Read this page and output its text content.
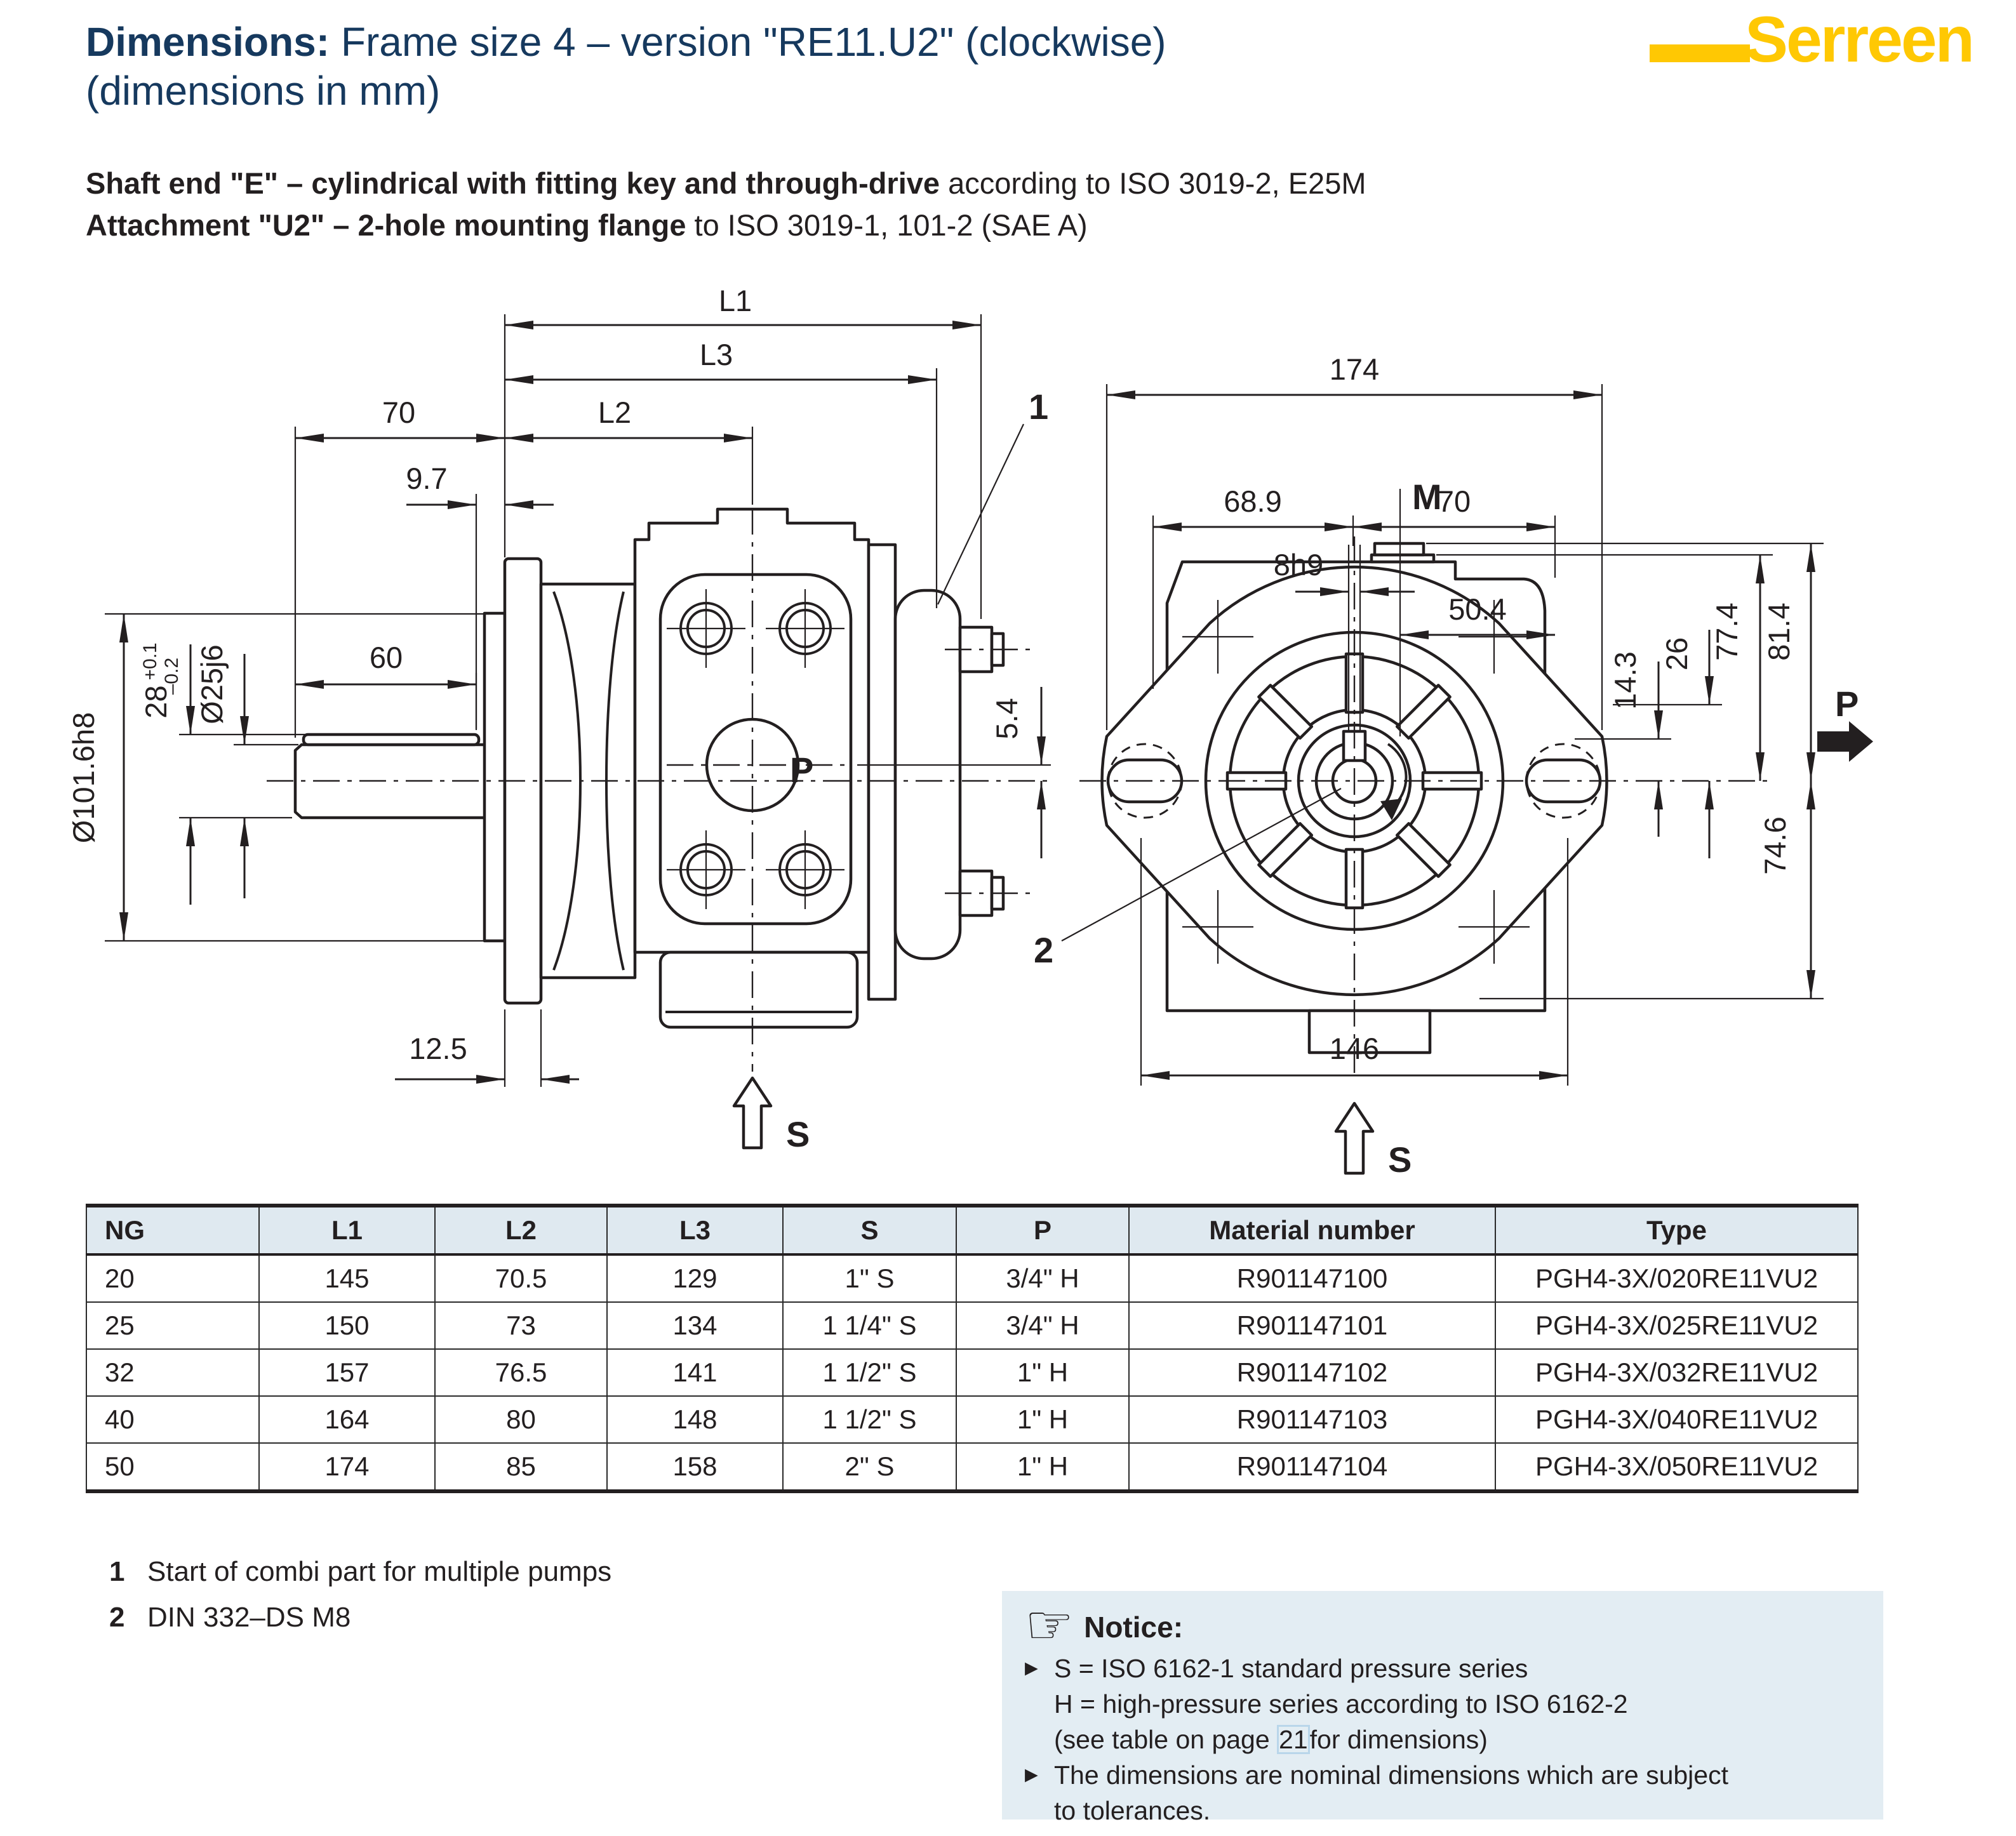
Dimensions: Frame size 4 – version "RE11.U2" (clockwise)
(dimensions in mm)
Serreen
Shaft end "E" – cylindrical with fitting key and through-drive according to ISO 3019-2, E25M
Attachment "U2" – 2-hole mounting flange to ISO 3019-1, 101-2 (SAE A)
P
L1
L3
70	L2
9.7
60
Ø101.6h8
$28^{+0.1}-0.2$ Ø25j6
12.5
5.4
1
S
174
68.9	70
50.4
8h9
M
14.3 26 77.4 81.4
74.6
P
146
S
2
NG	L1	L2	L3	S	P	Material number	Type
20	145	70.5	129	1" S	3/4" H	R901147100	PGH4-3X/020RE11VU2
25	150	73	134	1 1/4" S	3/4" H	R901147101	PGH4-3X/025RE11VU2
32	157	76.5	141	1 1/2" S	1" H	R901147102	PGH4-3X/032RE11VU2
40	164	80	148	1 1/2" S	1" H	R901147103	PGH4-3X/040RE11VU2
50	174	85	158	2" S	1" H	R901147104	PGH4-3X/050RE11VU2
1 Start of combi part for multiple pumps
2 DIN 332–DS M8	☞ Notice:
▶ S = ISO 6162-1 standard pressure series
H = high-pressure series according to ISO 6162-2
(see table on page 21for dimensions)
▶ The dimensions are nominal dimensions which are subject
to tolerances.
